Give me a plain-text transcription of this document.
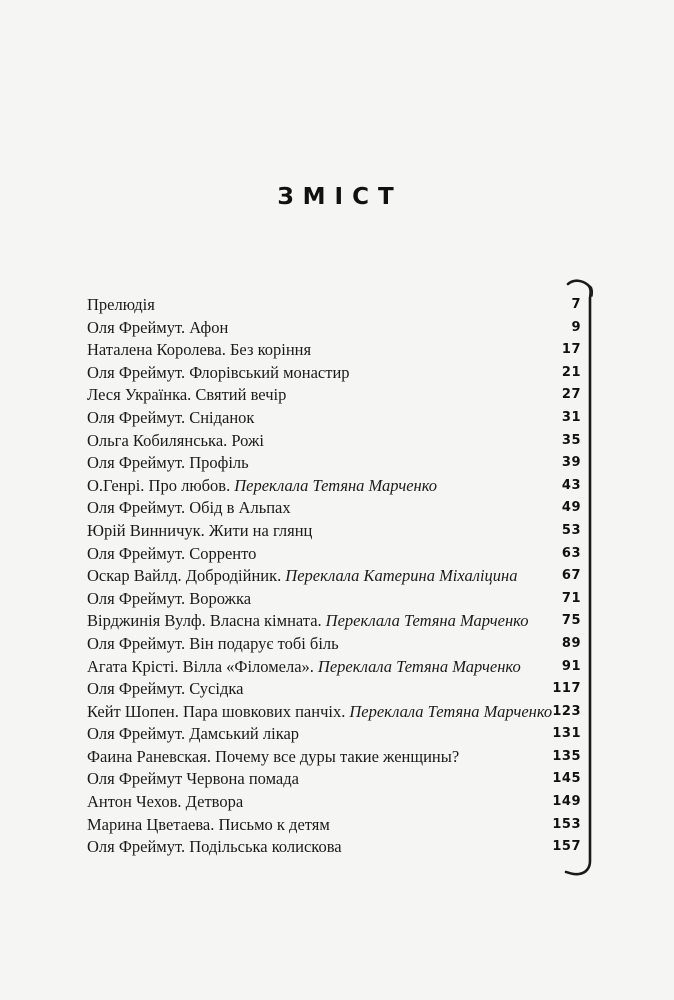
ЗМІСТ
Прелюдія	7
Оля Фреймут. Афон	9
Наталена Королева. Без коріння	17
Оля Фреймут. Флорівський монастир	21
Леся Українка. Святий вечір	27
Оля Фреймут. Сніданок	31
Ольга Кобилянська. Рожі	35
Оля Фреймут. Профіль	39
О.Генрі. Про любов. Переклала Тетяна Марченко	43
Оля Фреймут. Обід в Альпах	49
Юрій Винничук. Жити на глянц	53
Оля Фреймут. Сорренто	63
Оскар Вайлд. Добродійник. Переклала Катерина Міхаліцина	67
Оля Фреймут. Ворожка	71
Вірджинія Вулф. Власна кімната. Переклала Тетяна Марченко	75
Оля Фреймут. Він подарує тобі біль	89
Агата Крісті. Вілла «Філомела». Переклала Тетяна Марченко	91
Оля Фреймут. Сусідка	117
Кейт Шопен. Пара шовкових панчіх. Переклала Тетяна Марченко 123
Оля Фреймут. Дамський лікар	131
Фаина Раневская. Почему все дуры такие женщины?	135
Оля Фреймут Червона помада	145
Антон Чехов. Детвора	149
Марина Цветаева. Письмо к детям	153
Оля Фреймут. Подільська колискова	157
